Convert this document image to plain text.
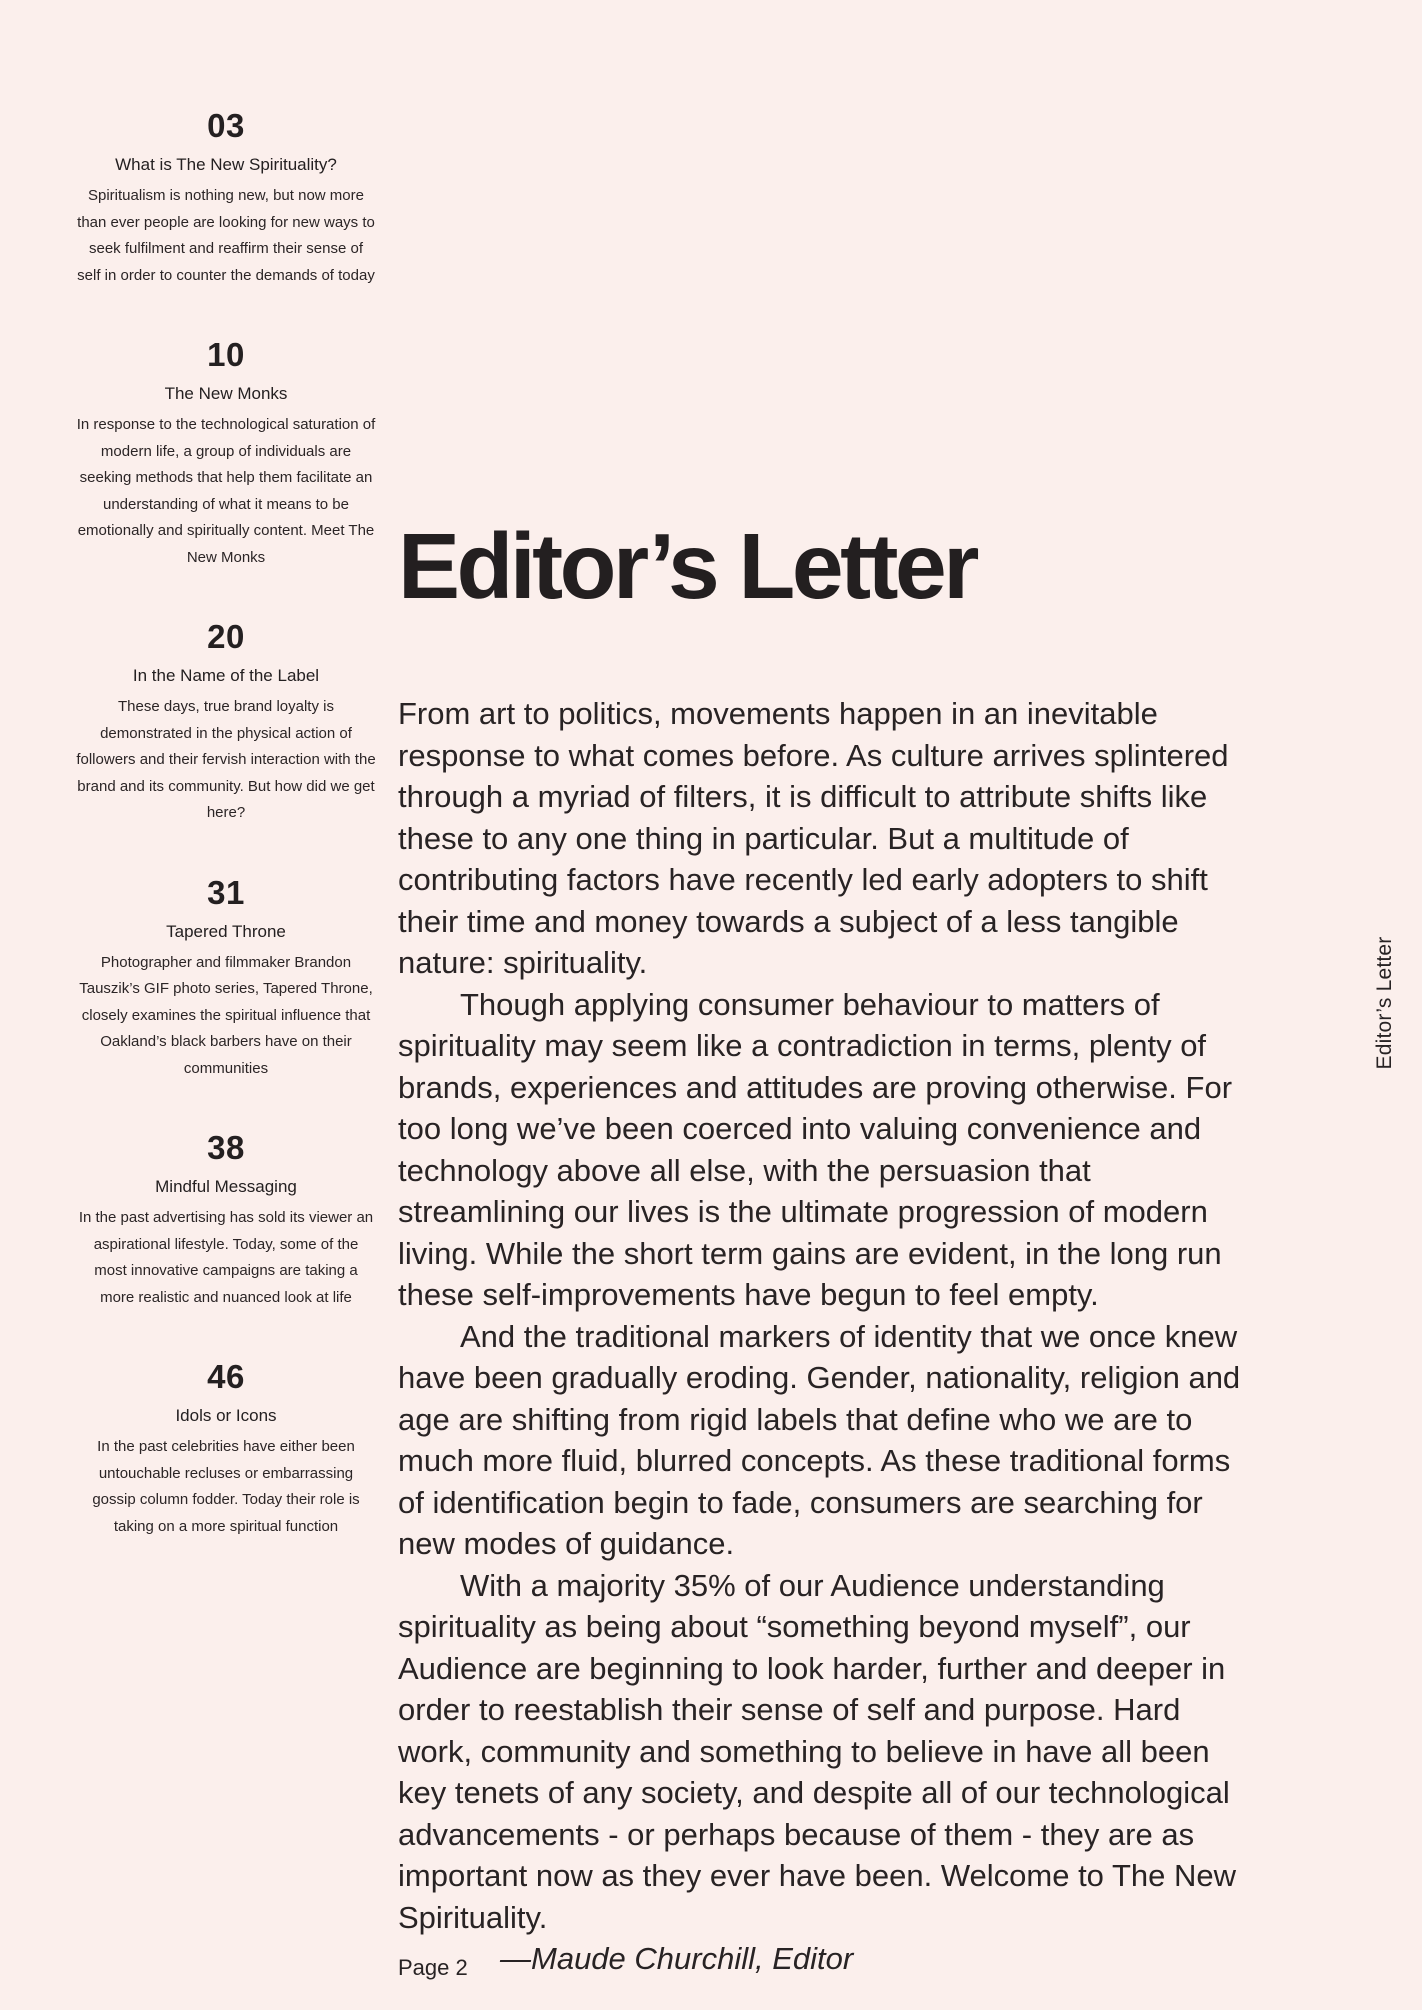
03
What is The New Spirituality?
Spiritualism is nothing new, but now more than ever people are looking for new ways to seek fulfilment and reaffirm their sense of self in order to counter the demands of today
10
The New Monks
In response to the technological saturation of modern life, a group of individuals are seeking methods that help them facilitate an understanding of what it means to be emotionally and spiritually content. Meet The New Monks
20
In the Name of the Label
These days, true brand loyalty is demonstrated in the physical action of followers and their fervish interaction with the brand and its community. But how did we get here?
31
Tapered Throne
Photographer and filmmaker Brandon Tauszik’s GIF photo series, Tapered Throne, closely examines the spiritual influence that Oakland’s black barbers have on their communities
38
Mindful Messaging
In the past advertising has sold its viewer an aspirational lifestyle. Today, some of the most innovative campaigns are taking a more realistic and nuanced look at life
46
Idols or Icons
In the past celebrities have either been untouchable recluses or embarrassing gossip column fodder. Today their role is taking on a more spiritual function
Editor’s Letter

From art to politics, movements happen in an inevitable response to what comes before. As culture arrives splintered through a myriad of filters, it is difficult to attribute shifts like these to any one thing in particular. But a multitude of contributing factors have recently led early adopters to shift their time and money towards a subject of a less tangible nature: spirituality.

Though applying consumer behaviour to matters of spirituality may seem like a contradiction in terms, plenty of brands, experiences and attitudes are proving otherwise. For too long we’ve been coerced into valuing convenience and technology above all else, with the persuasion that streamlining our lives is the ultimate progression of modern living. While the short term gains are evident, in the long run these self-improvements have begun to feel empty.

And the traditional markers of identity that we once knew have been gradually eroding. Gender, nationality, religion and age are shifting from rigid labels that define who we are to much more fluid, blurred concepts. As these traditional forms of identification begin to fade, consumers are searching for new modes of guidance.

With a majority 35% of our Audience understanding spirituality as being about “something beyond myself”, our Audience are beginning to look harder, further and deeper in order to reestablish their sense of self and purpose. Hard work, community and something to believe in have all been key tenets of any society, and despite all of our technological advancements - or perhaps because of them - they are as important now as they ever have been. Welcome to The New Spirituality.

—Maude Churchill, Editor

Page 2
Editor’s Letter
